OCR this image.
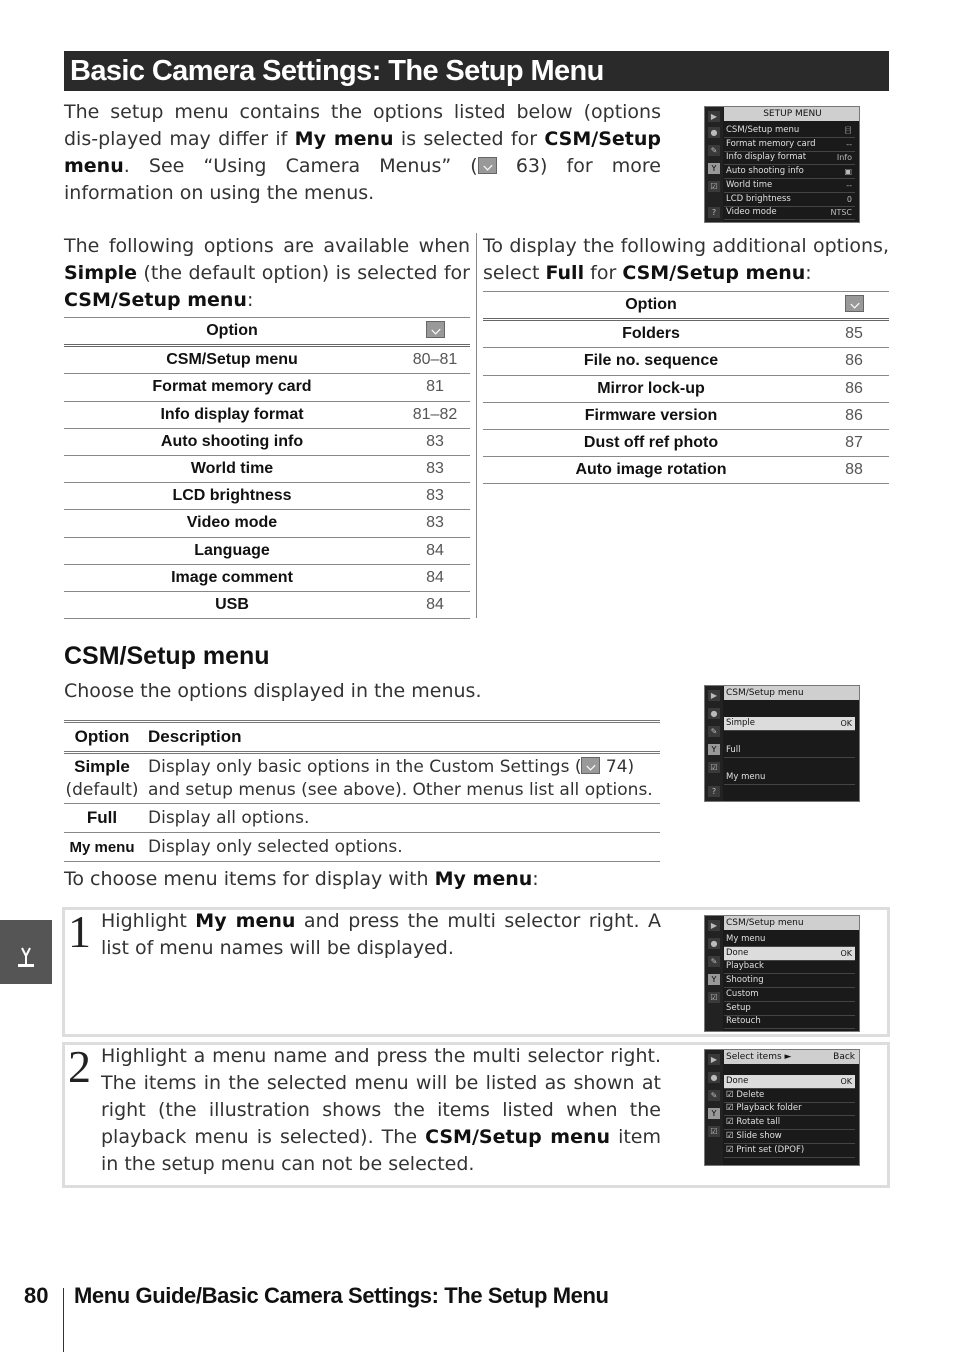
Basic Camera Settings: The Setup Menu
The setup menu contains the options listed below (options dis-played may differ if My menu is selected for CSM/Setup menu. See “Using Camera Menus” ( 63) for more information on using the menus.
▶
●
✎
Y
☑
?
SETUP MENU
CSM/Setup menu	目
Format memory card	--
Info display format	Info
Auto shooting info	▣
World time	--
LCD brightness	0
Video mode	NTSC
The following options are available when Simple (the default option) is selected for CSM/Setup menu:
Option	
CSM/Setup menu	80–81
Format memory card	81
Info display format	81–82
Auto shooting info	83
World time	83
LCD brightness	83
Video mode	83
Language	84
Image comment	84
USB	84
To display the following additional options, select Full for CSM/Setup menu:
Option	
Folders	85
File no. sequence	86
Mirror lock-up	86
Firmware version	86
Dust off ref photo	87
Auto image rotation	88
CSM/Setup menu
Choose the options displayed in the menus.
Option	Description
Simple
(default)	Display only basic options in the Custom Settings ( 74) and setup menus (see above). Other menus list all options.
Full	Display all options.
My menu	Display only selected options.
▶
●
✎
Y
☑
?
CSM/Setup menu
Simple	OK
Full
My menu
To choose menu items for display with My menu:
1 Highlight My menu and press the multi selector right. A list of menu names will be displayed.
▶
●
✎
Y
☑
CSM/Setup menu
My menu
Done	OK
Playback
Shooting
Custom
Setup
Retouch
2 Highlight a menu name and press the multi selector right. The items in the selected menu will be listed as shown at right (the illustration shows the items listed when the playback menu is selected). The CSM/Setup menu item in the setup menu can not be selected.
▶
●
✎
Y
☑
Select items ►	Back
Done	OK
☑ Delete
☑ Playback folder
☑ Rotate tall
☑ Slide show
☑ Print set (DPOF)
80 Menu Guide/Basic Camera Settings: The Setup Menu
